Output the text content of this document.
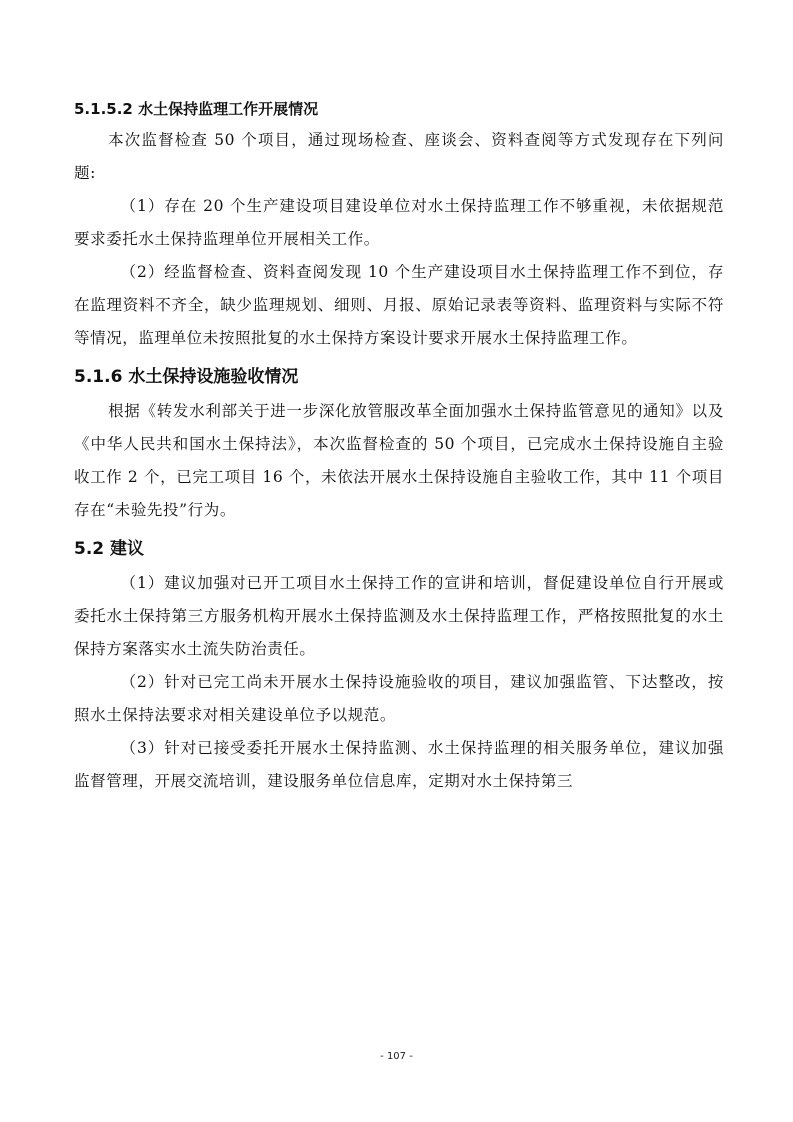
5.1.5.2 水土保持监理工作开展情况

本次监督检查 50 个项目，通过现场检查、座谈会、资料查阅等方式发现存在下列问题:

（1）存在 20 个生产建设项目建设单位对水土保持监理工作不够重视，未依据规范要求委托水土保持监理单位开展相关工作。

（2）经监督检查、资料查阅发现 10 个生产建设项目水土保持监理工作不到位，存在监理资料不齐全，缺少监理规划、细则、月报、原始记录表等资料、监理资料与实际不符等情况，监理单位未按照批复的水土保持方案设计要求开展水土保持监理工作。

5.1.6 水土保持设施验收情况

根据《转发水利部关于进一步深化放管服改革全面加强水土保持监管意见的通知》以及《中华人民共和国水土保持法》，本次监督检查的 50 个项目，已完成水土保持设施自主验收工作 2 个，已完工项目 16 个，未依法开展水土保持设施自主验收工作，其中 11 个项目存在“未验先投”行为。

5.2 建议

（1）建议加强对已开工项目水土保持工作的宣讲和培训，督促建设单位自行开展或委托水土保持第三方服务机构开展水土保持监测及水土保持监理工作，严格按照批复的水土保持方案落实水土流失防治责任。

（2）针对已完工尚未开展水土保持设施验收的项目，建议加强监管、下达整改，按照水土保持法要求对相关建设单位予以规范。

（3）针对已接受委托开展水土保持监测、水土保持监理的相关服务单位，建议加强监督管理，开展交流培训，建设服务单位信息库，定期对水土保持第三

- 107 -
